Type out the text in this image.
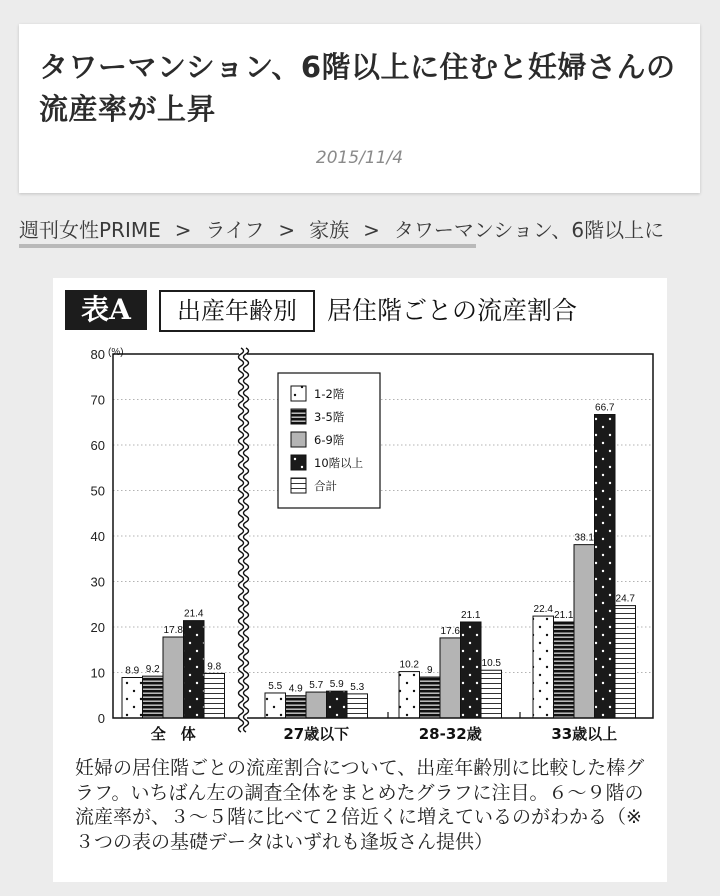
タワーマンション、6階以上に住むと妊婦さんの流産率が上昇
2015/11/4
週刊女性PRIME > ライフ > 家族 > タワーマンション、6階以上に
表A	出産年齢別	居住階ごとの流産割合
0
10
20
30
40
50
60
70
80 (%)
8.9 9.2
17.8
21.4
9.8
全　体
5.5 4.9 5.7 5.9 5.3
27歳以下
10.2 9
17.6
21.1
10.5
28-32歳
22.4
21.1
38.1
66.7
24.7
33歳以上
1-2階
3-5階
6-9階
10階以上
合計
妊婦の居住階ごとの流産割合について、出産年齢別に比較した棒グラフ。いちばん左の調査全体をまとめたグラフに注目。６〜９階の流産率が、３〜５階に比べて２倍近くに増えているのがわかる（※３つの表の基礎データはいずれも逢坂さん提供）
